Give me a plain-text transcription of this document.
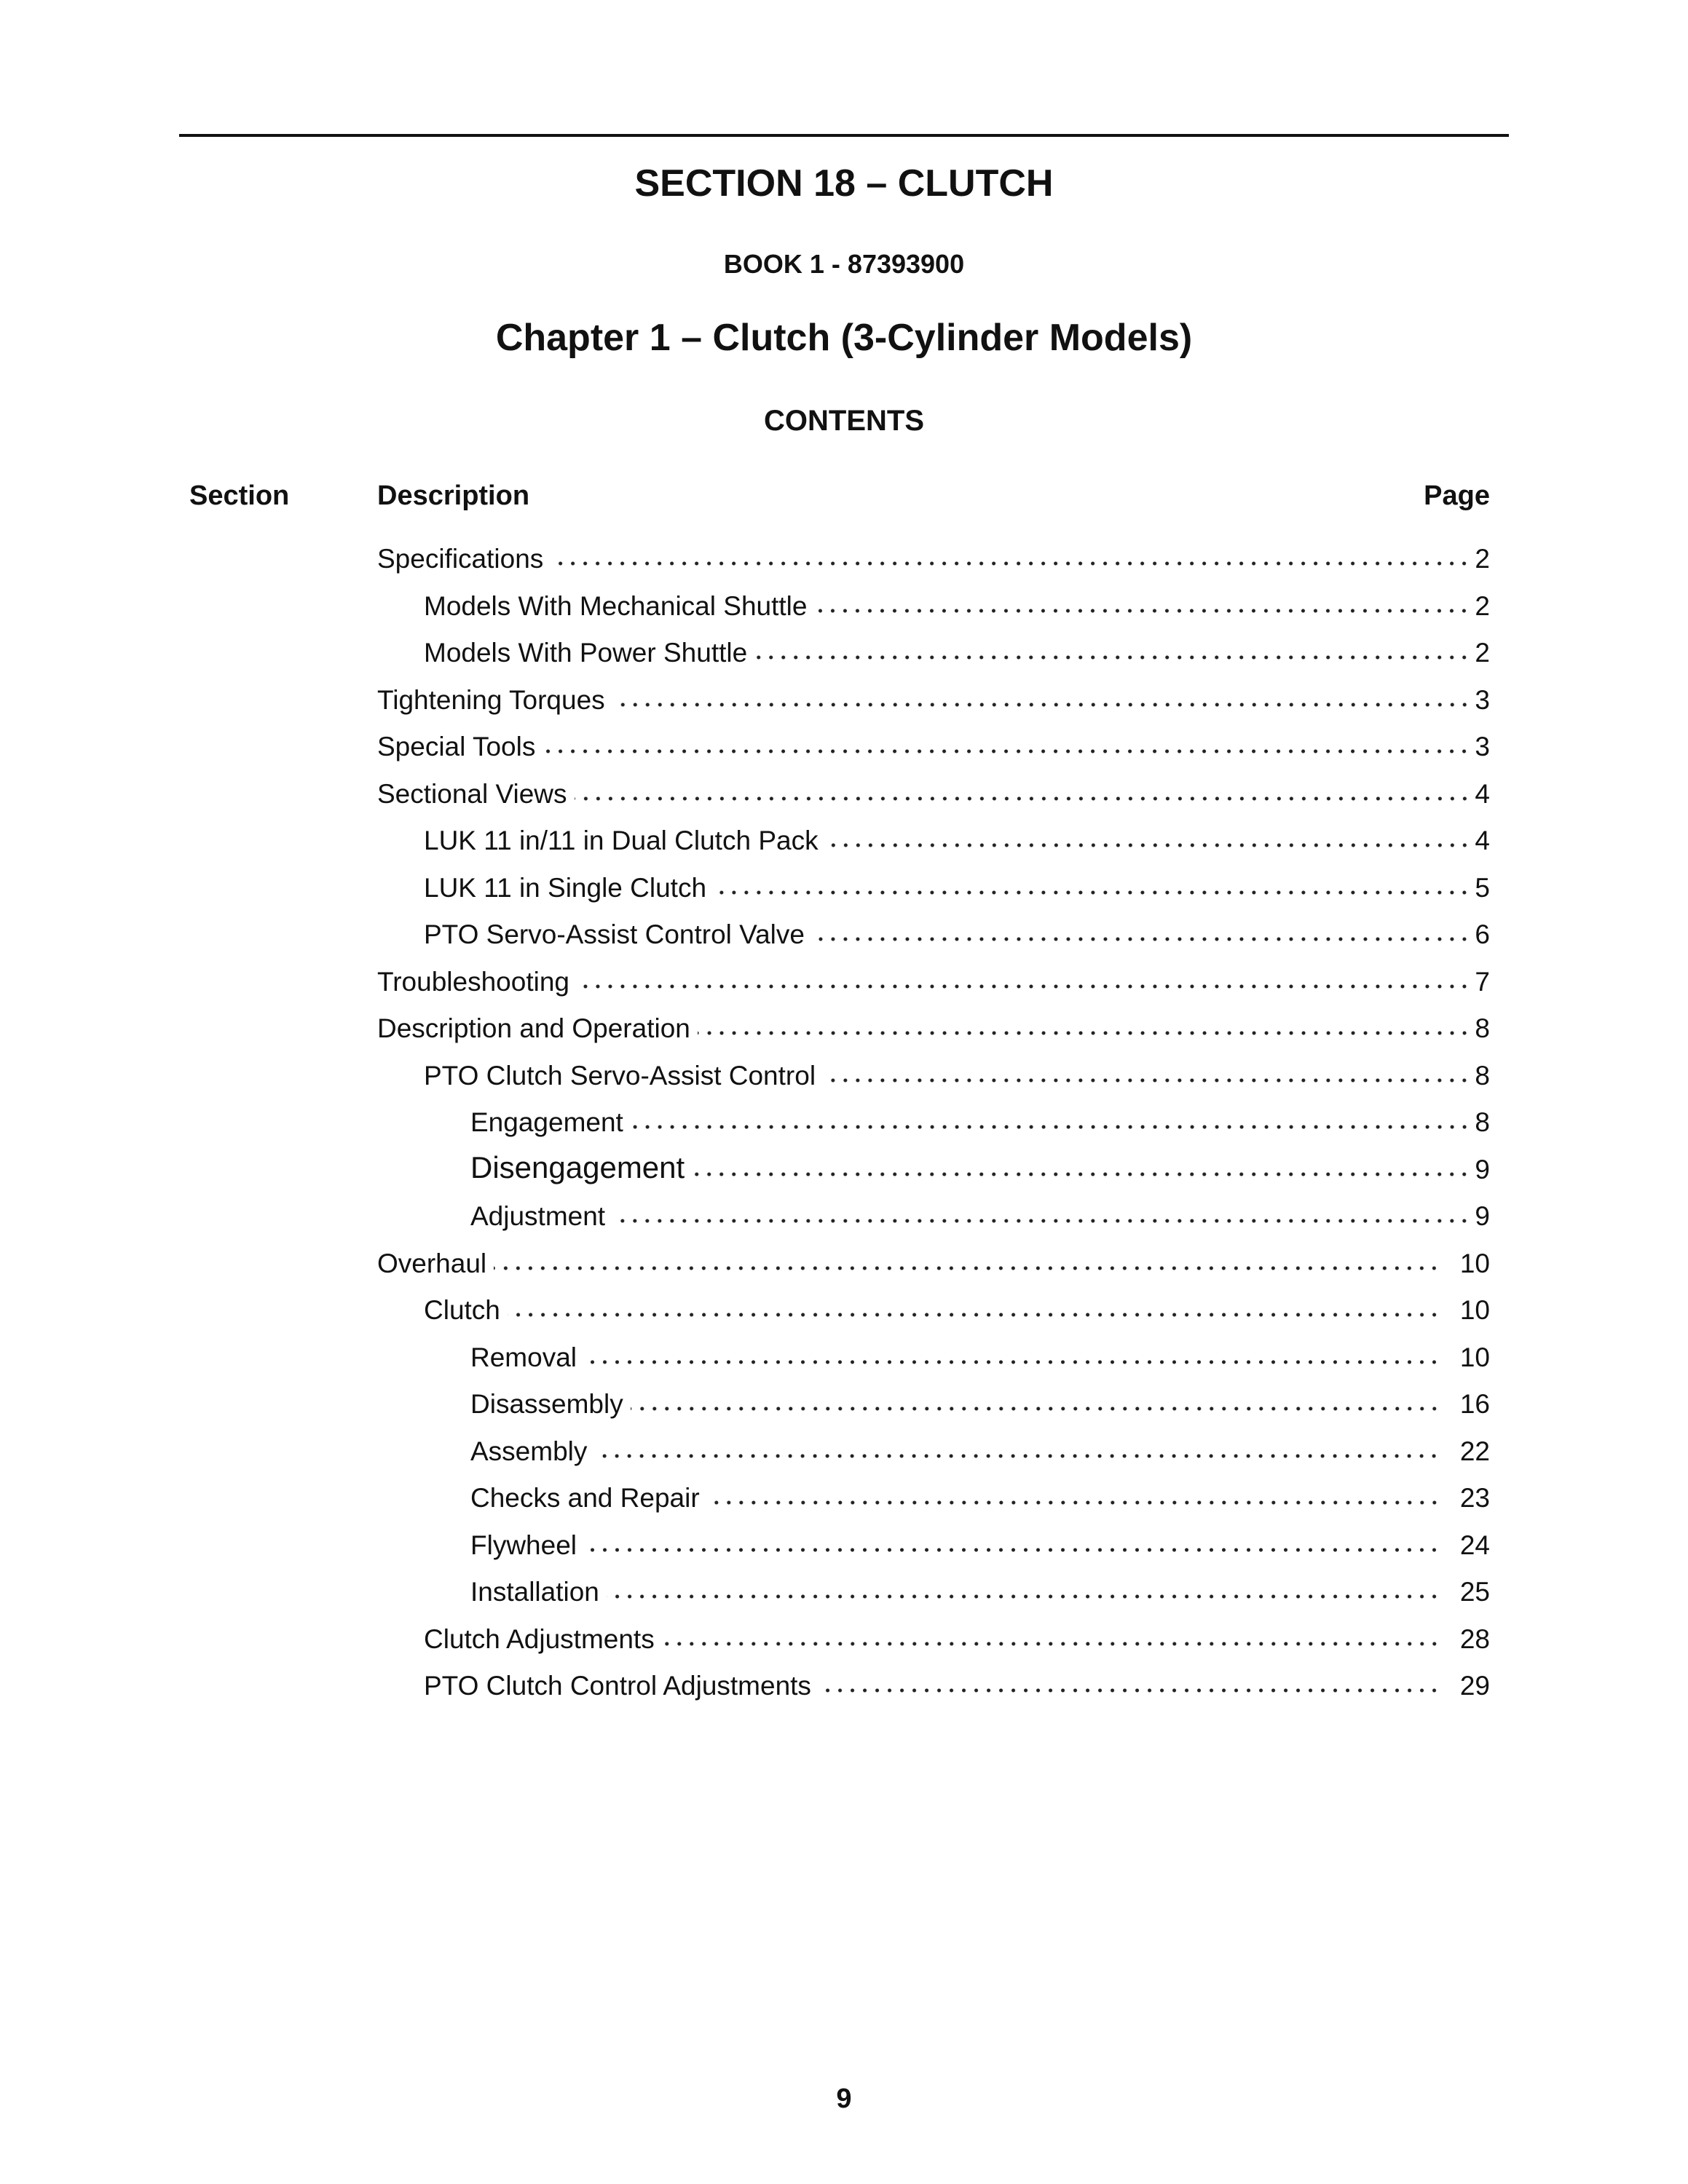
SECTION 18 – CLUTCH
BOOK 1 - 87393900
Chapter 1 – Clutch (3-Cylinder Models)
CONTENTS
Section	Description	Page
Specifications	2
Models With Mechanical Shuttle	2
Models With Power Shuttle	2
Tightening Torques	3
Special Tools	3
Sectional Views	4
LUK 11 in/11 in Dual Clutch Pack	4
LUK 11 in Single Clutch	5
PTO Servo-Assist Control Valve	6
Troubleshooting	7
Description and Operation	8
PTO Clutch Servo-Assist Control	8
Engagement	8
Disengagement	9
Adjustment	9
Overhaul	10
Clutch	10
Removal	10
Disassembly	16
Assembly	22
Checks and Repair	23
Flywheel	24
Installation	25
Clutch Adjustments	28
PTO Clutch Control Adjustments	29
9
